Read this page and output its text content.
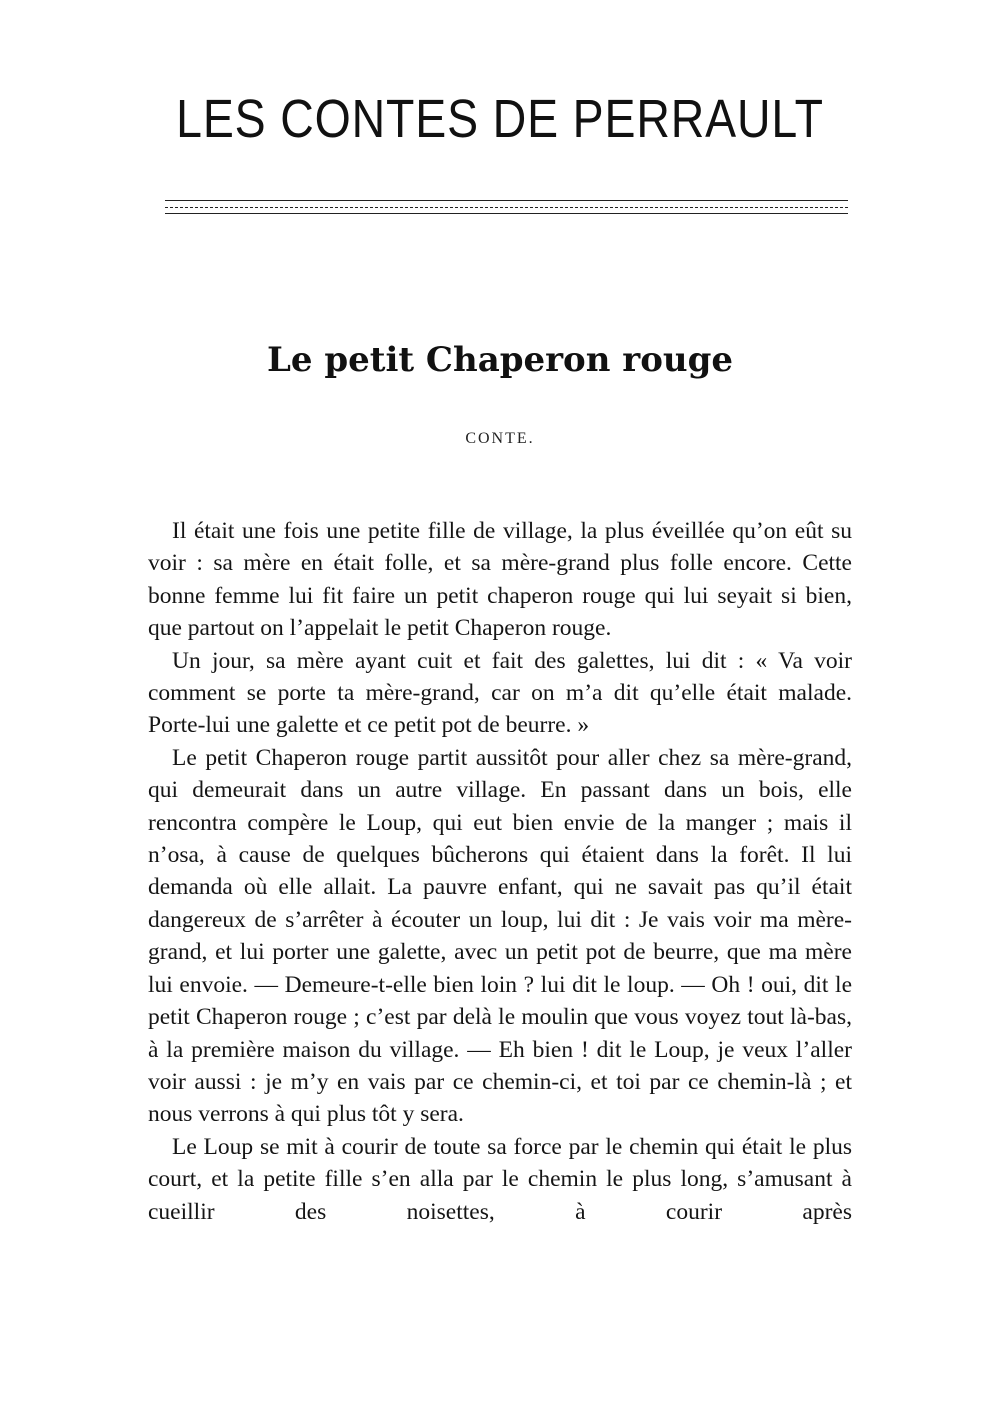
LES CONTES DE PERRAULT
Le petit Chaperon rouge
CONTE.

Il était une fois une petite fille de village, la plus éveillée qu’on eût su voir : sa mère en était folle, et sa mère-grand plus folle encore. Cette bonne femme lui fit faire un petit chaperon rouge qui lui seyait si bien, que partout on l’appelait le petit Chaperon rouge.

Un jour, sa mère ayant cuit et fait des galettes, lui dit : « Va voir comment se porte ta mère-grand, car on m’a dit qu’elle était malade. Porte-lui une galette et ce petit pot de beurre. »

Le petit Chaperon rouge partit aussitôt pour aller chez sa mère-grand, qui demeurait dans un autre village. En passant dans un bois, elle rencontra compère le Loup, qui eut bien envie de la manger ; mais il n’osa, à cause de quelques bûcherons qui étaient dans la forêt. Il lui demanda où elle allait. La pauvre enfant, qui ne savait pas qu’il était dangereux de s’arrêter à écouter un loup, lui dit : Je vais voir ma mère-grand, et lui porter une galette, avec un petit pot de beurre, que ma mère lui envoie. — Demeure-t-elle bien loin ? lui dit le loup. — Oh ! oui, dit le petit Chaperon rouge ; c’est par delà le moulin que vous voyez tout là-bas, à la première maison du village. — Eh bien ! dit le Loup, je veux l’aller voir aussi : je m’y en vais par ce chemin-ci, et toi par ce chemin-là ; et nous verrons à qui plus tôt y sera.

Le Loup se mit à courir de toute sa force par le chemin qui était le plus court, et la petite fille s’en alla par le chemin le plus long, s’amusant à cueillir des noisettes, à courir après
